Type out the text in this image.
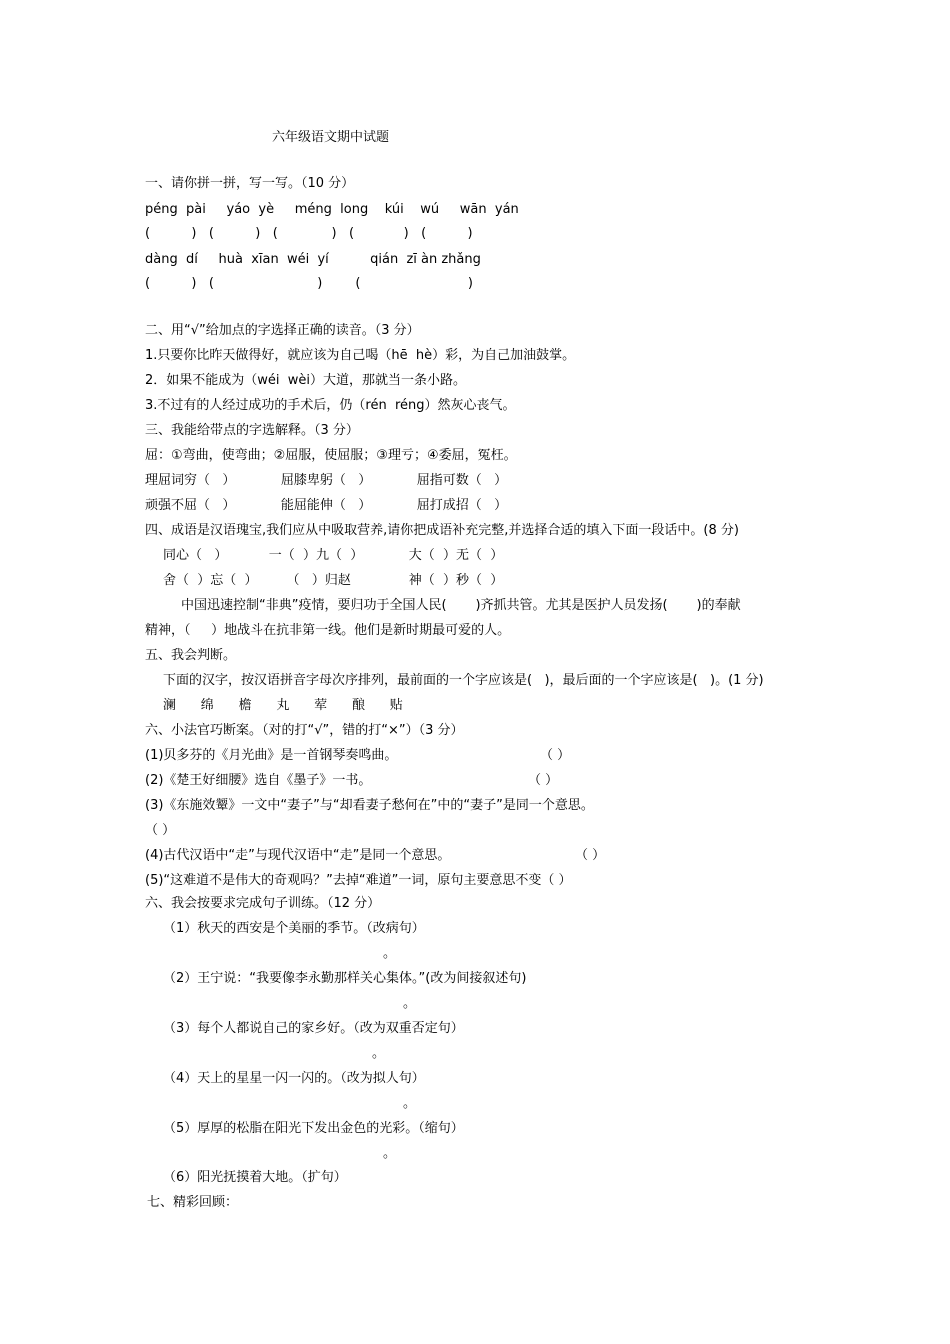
六年级语文期中试题
一、请你拼一拼，写一写。（10 分）
péng  pài     yáo  yè     méng  long    kúi    wú     wān  yán
(          )   (          )   (             )   (            )   (          )
dàng  dí     huà  xīan  wéi  yí          qián  zī àn zhǎng
(          )   (                         )        (                          )
二、用“√”给加点的字选择正确的读音。（3 分）
1.只要你比昨天做得好，就应该为自己喝（hē  hè）彩，为自己加油鼓掌。
2．如果不能成为（wéi  wèi）大道，那就当一条小路。
3.不过有的人经过成功的手术后，仍（rén  réng）然灰心丧气。
三、我能给带点的字选解释。（3 分）
屈：①弯曲，使弯曲；②屈服，使屈服；③理亏；④委屈，冤枉。
理屈词穷（   ）           屈膝卑躬（   ）           屈指可数（   ）
顽强不屈（   ）           能屈能伸（   ）           屈打成招（   ）
四、成语是汉语瑰宝,我们应从中吸取营养,请你把成语补充完整,并选择合适的填入下面一段话中。(8 分)
同心（   ）          一（  ）九（  ）           大（  ）无（  ）
舍（  ）忘（  ）       （   ）归赵              神（  ）秒（  ）
中国迅速控制“非典”疫情，要归功于全国人民(       )齐抓共管。尤其是医护人员发扬(       )的奉献
精神，（     ）地战斗在抗非第一线。他们是新时期最可爱的人。
五、我会判断。
下面的汉字，按汉语拼音字母次序排列，最前面的一个字应该是(   )，最后面的一个字应该是(   )。(1 分)
澜      绵      檐      丸      荤      酿      贴
六、小法官巧断案。（对的打“√”，错的打“×”）（3 分）
(1)贝多芬的《月光曲》是一首钢琴奏鸣曲。	（ ）
(2)《楚王好细腰》选自《墨子》一书。	（ ）
(3)《东施效颦》一文中“妻子”与“却看妻子愁何在”中的“妻子”是同一个意思。
（ ）
(4)古代汉语中“走”与现代汉语中“走”是同一个意思。	（ ）
(5)“这难道不是伟大的奇观吗？”去掉“难道”一词，原句主要意思不变（ ）
六、我会按要求完成句子训练。（12 分）
（1）秋天的西安是个美丽的季节。（改病句）
。
（2）王宁说：“我要像李永勤那样关心集体。”(改为间接叙述句)
。
（3）每个人都说自己的家乡好。（改为双重否定句）
。
（4）天上的星星一闪一闪的。（改为拟人句）
。
（5）厚厚的松脂在阳光下发出金色的光彩。（缩句）
。
（6）阳光抚摸着大地。（扩句）
七、精彩回顾：
